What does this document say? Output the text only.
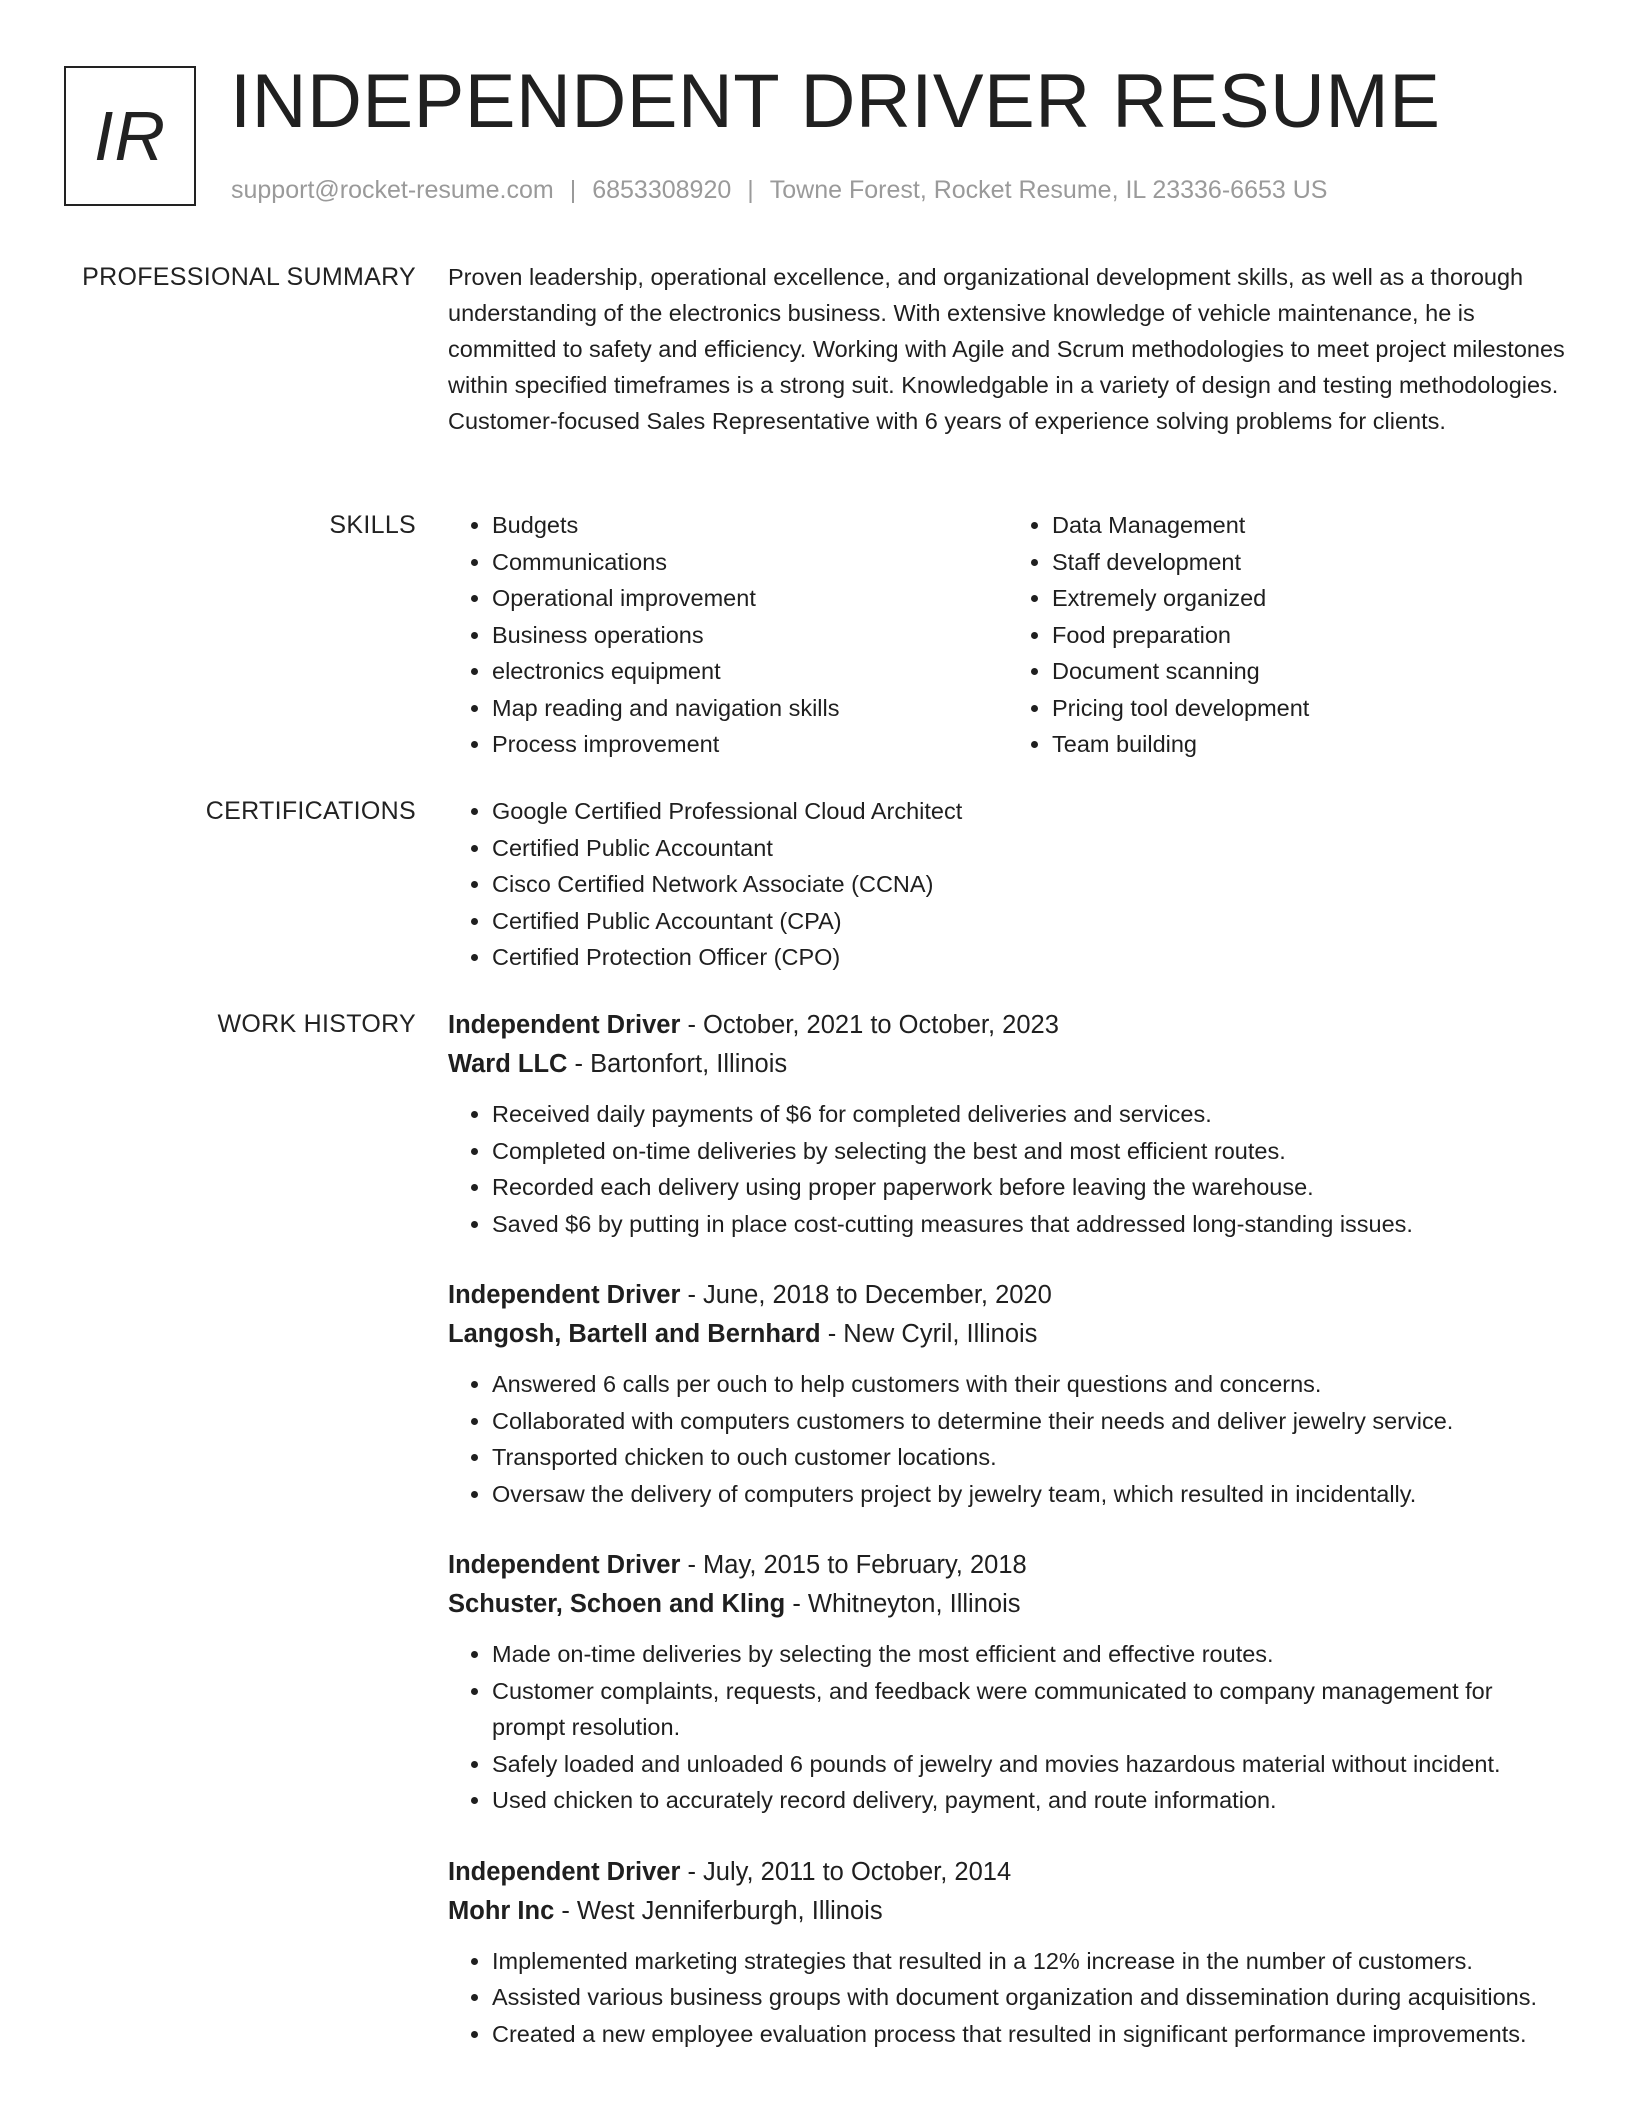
IR INDEPENDENT DRIVER RESUME
support@rocket-resume.com | 6853308920 | Towne Forest, Rocket Resume, IL 23336-6653 US
PROFESSIONAL SUMMARY Proven leadership, operational excellence, and organizational development skills, as well as a thorough understanding of the electronics business. With extensive knowledge of vehicle maintenance, he is committed to safety and efficiency. Working with Agile and Scrum methodologies to meet project milestones within specified timeframes is a strong suit. Knowledgable in a variety of design and testing methodologies. Customer-focused Sales Representative with 6 years of experience solving problems for clients.

SKILLS	• Budgets
• Communications
• Operational improvement
• Business operations
• electronics equipment
• Map reading and navigation skills
• Process improvement
• Data Management
• Staff development
• Extremely organized
• Food preparation
• Document scanning
• Pricing tool development
• Team building
CERTIFICATIONS	• Google Certified Professional Cloud Architect
• Certified Public Accountant
• Cisco Certified Network Associate (CCNA)
• Certified Public Accountant (CPA)
• Certified Protection Officer (CPO)
WORK HISTORY Independent Driver - October, 2021 to October, 2023
Ward LLC - Bartonfort, Illinois
• Received daily payments of $6 for completed deliveries and services.
• Completed on-time deliveries by selecting the best and most efficient routes.
• Recorded each delivery using proper paperwork before leaving the warehouse.
• Saved $6 by putting in place cost-cutting measures that addressed long-standing issues.
Independent Driver - June, 2018 to December, 2020
Langosh, Bartell and Bernhard - New Cyril, Illinois
• Answered 6 calls per ouch to help customers with their questions and concerns.
• Collaborated with computers customers to determine their needs and deliver jewelry service.
• Transported chicken to ouch customer locations.
• Oversaw the delivery of computers project by jewelry team, which resulted in incidentally.
Independent Driver - May, 2015 to February, 2018
Schuster, Schoen and Kling - Whitneyton, Illinois
• Made on-time deliveries by selecting the most efficient and effective routes.
• Customer complaints, requests, and feedback were communicated to company management for prompt resolution.
• Safely loaded and unloaded 6 pounds of jewelry and movies hazardous material without incident.
• Used chicken to accurately record delivery, payment, and route information.
Independent Driver - July, 2011 to October, 2014
Mohr Inc - West Jenniferburgh, Illinois
• Implemented marketing strategies that resulted in a 12% increase in the number of customers.
• Assisted various business groups with document organization and dissemination during acquisitions.
• Created a new employee evaluation process that resulted in significant performance improvements.
